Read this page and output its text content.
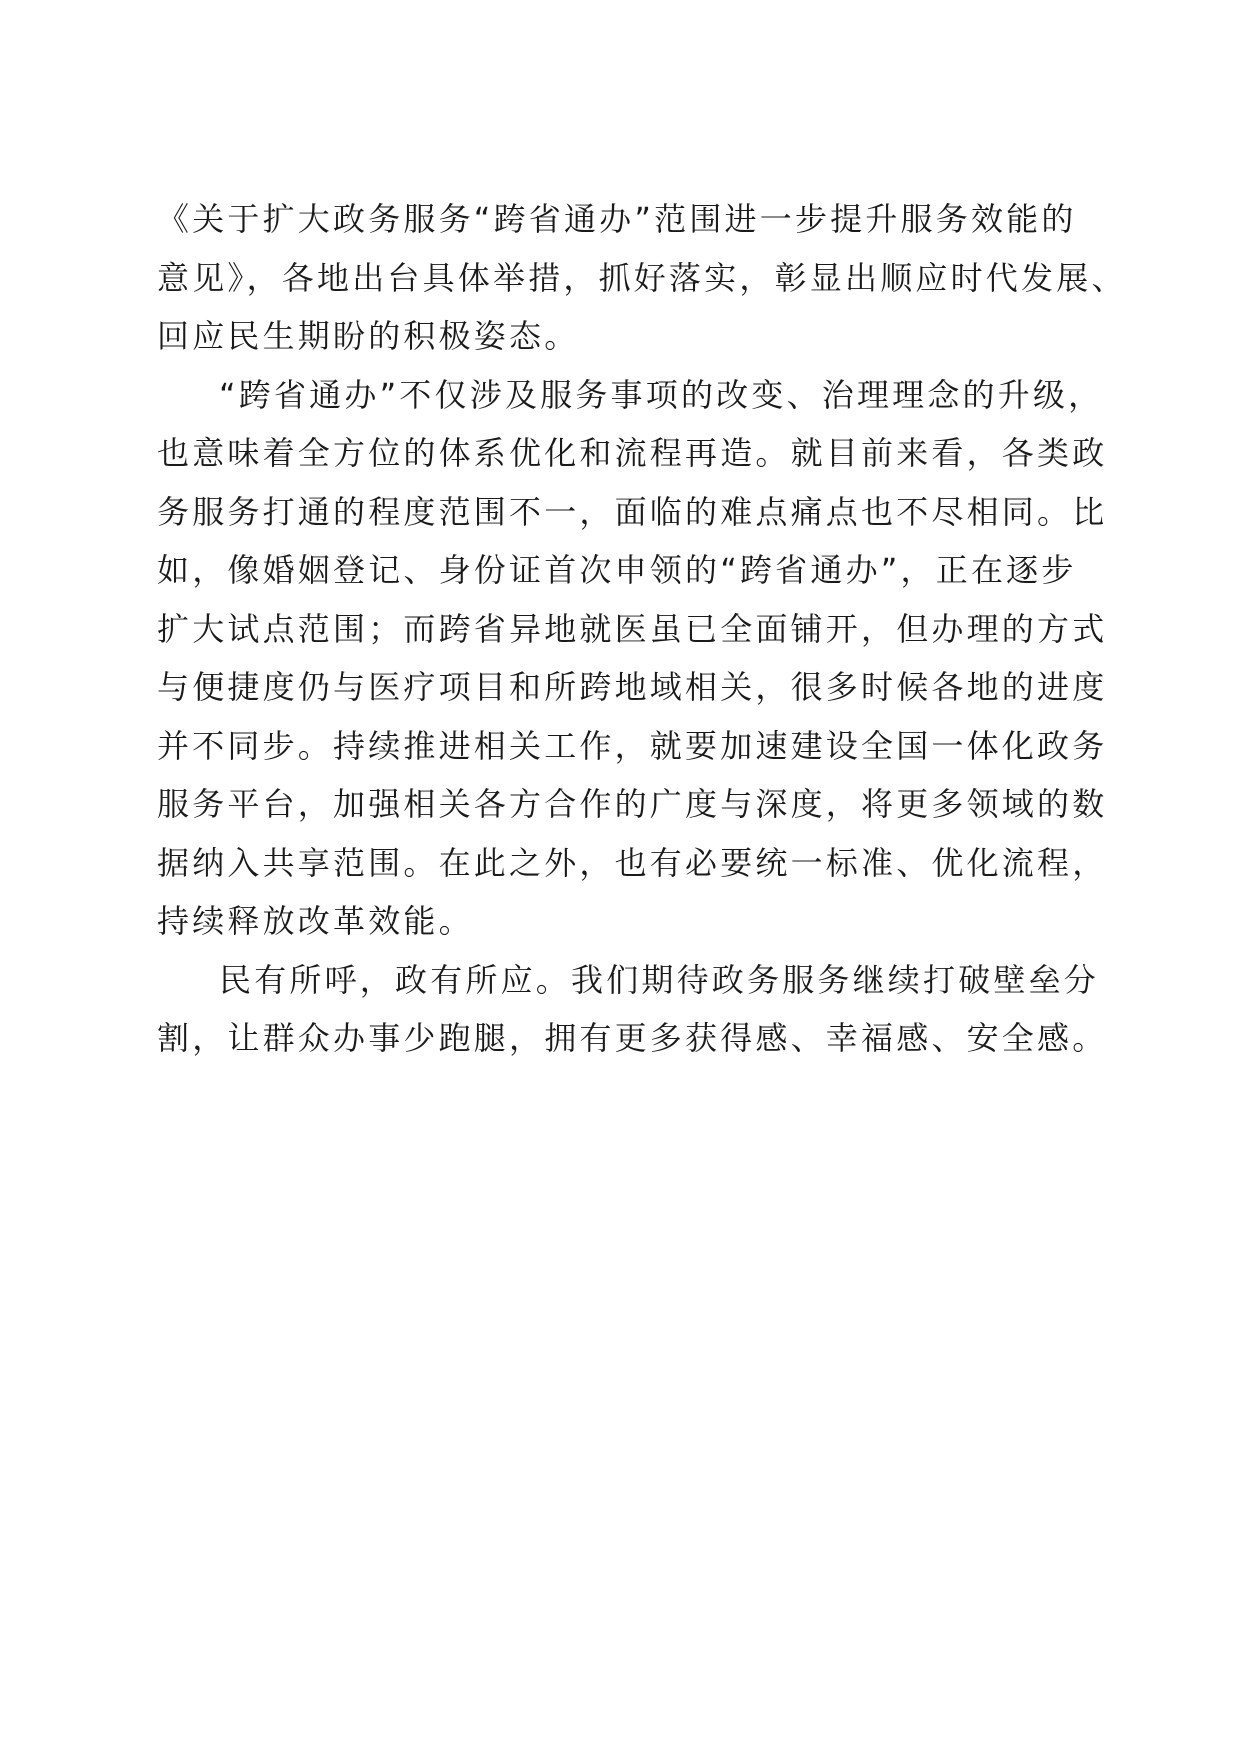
《关于扩大政务服务“跨省通办”范围进一步提升服务效能的
意见》，各地出台具体举措，抓好落实，彰显出顺应时代发展、
回应民生期盼的积极姿态。
“跨省通办”不仅涉及服务事项的改变、治理理念的升级，
也意味着全方位的体系优化和流程再造。就目前来看，各类政
务服务打通的程度范围不一，面临的难点痛点也不尽相同。比
如，像婚姻登记、身份证首次申领的“跨省通办”，正在逐步
扩大试点范围；而跨省异地就医虽已全面铺开，但办理的方式
与便捷度仍与医疗项目和所跨地域相关，很多时候各地的进度
并不同步。持续推进相关工作，就要加速建设全国一体化政务
服务平台，加强相关各方合作的广度与深度，将更多领域的数
据纳入共享范围。在此之外，也有必要统一标准、优化流程，
持续释放改革效能。
民有所呼，政有所应。我们期待政务服务继续打破壁垒分
割，让群众办事少跑腿，拥有更多获得感、幸福感、安全感。
